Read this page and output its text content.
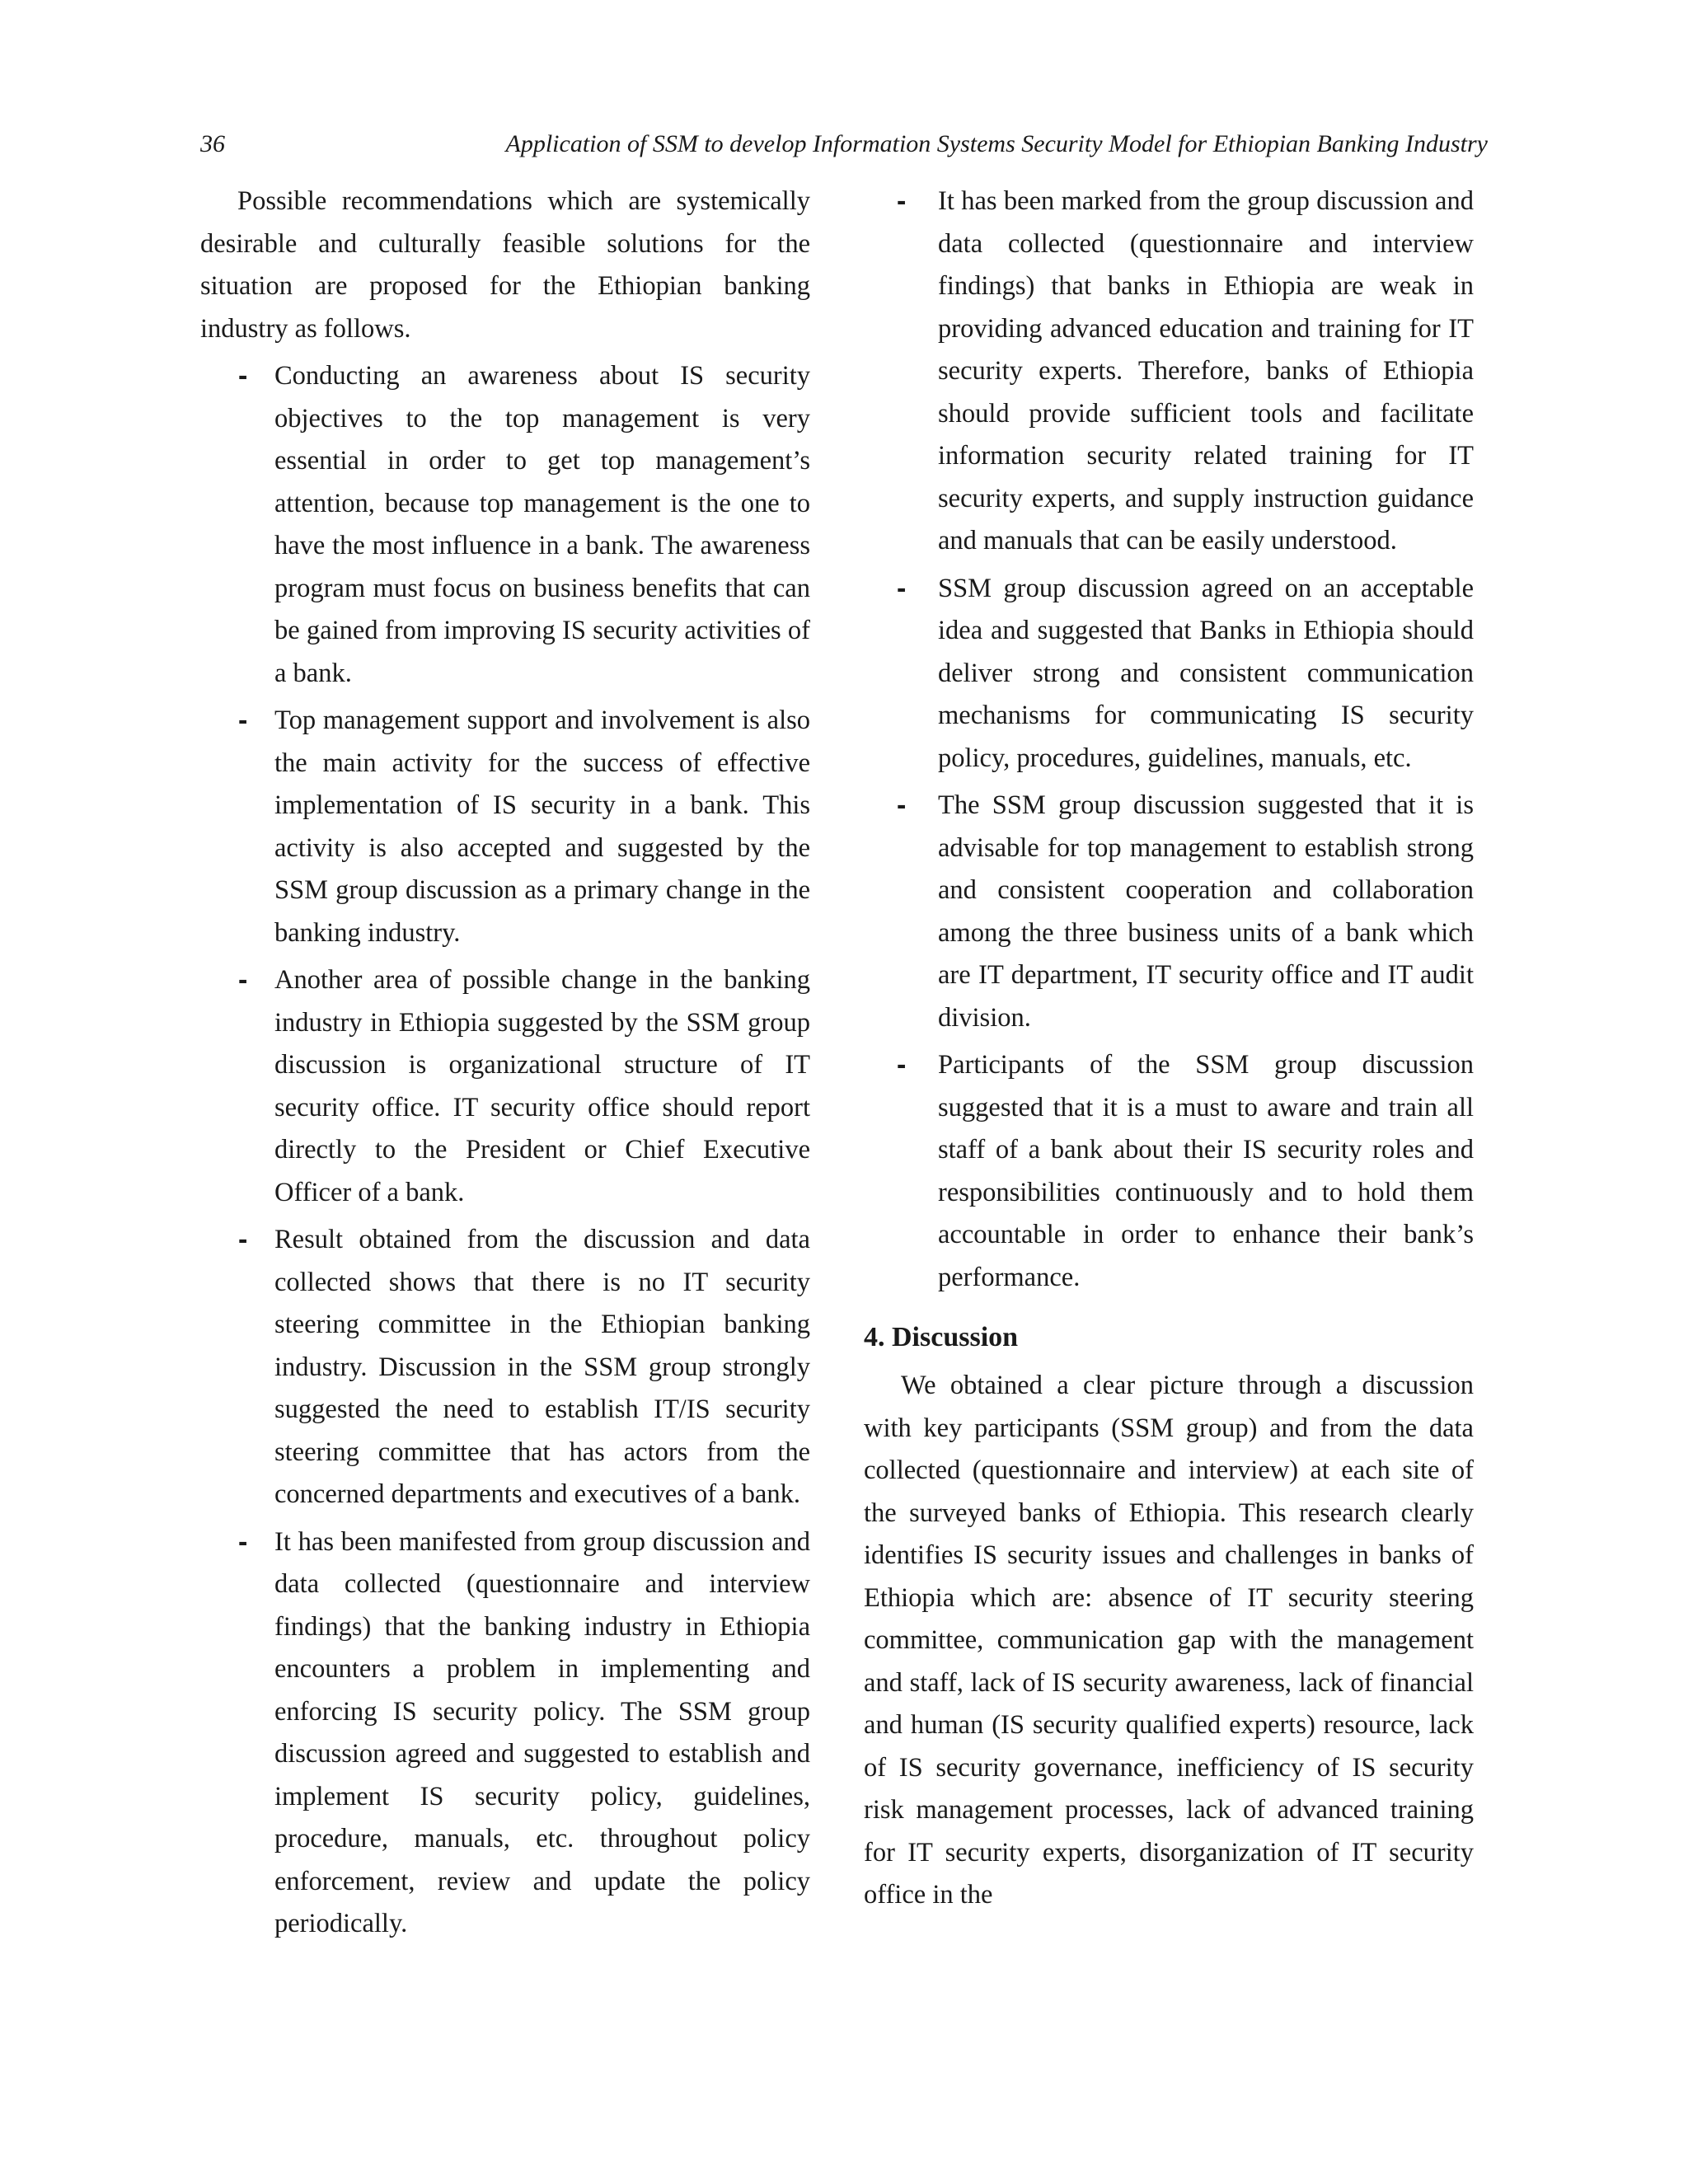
36	Application of SSM to develop Information Systems Security Model for Ethiopian Banking Industry

Possible recommendations which are systemically desirable and culturally feasible solutions for the situation are proposed for the Ethiopian banking industry as follows.

- Conducting an awareness about IS security objectives to the top management is very essential in order to get top management’s attention, because top management is the one to have the most influence in a bank. The awareness program must focus on business benefits that can be gained from improving IS security activities of a bank.
- Top management support and involvement is also the main activity for the success of effective implementation of IS security in a bank. This activity is also accepted and suggested by the SSM group discussion as a primary change in the banking industry.
- Another area of possible change in the banking industry in Ethiopia suggested by the SSM group discussion is organizational structure of IT security office. IT security office should report directly to the President or Chief Executive Officer of a bank.
- Result obtained from the discussion and data collected shows that there is no IT security steering committee in the Ethiopian banking industry. Discussion in the SSM group strongly suggested the need to establish IT/IS security steering committee that has actors from the concerned departments and executives of a bank.
- It has been manifested from group discussion and data collected (questionnaire and interview findings) that the banking industry in Ethiopia encounters a problem in implementing and enforcing IS security policy. The SSM group discussion agreed and suggested to establish and implement IS security policy, guidelines, procedure, manuals, etc. throughout policy enforcement, review and update the policy periodically.
- It has been marked from the group discussion and data collected (questionnaire and interview findings) that banks in Ethiopia are weak in providing advanced education and training for IT security experts. Therefore, banks of Ethiopia should provide sufficient tools and facilitate information security related training for IT security experts, and supply instruction guidance and manuals that can be easily understood.
- SSM group discussion agreed on an acceptable idea and suggested that Banks in Ethiopia should deliver strong and consistent communication mechanisms for communicating IS security policy, procedures, guidelines, manuals, etc.
- The SSM group discussion suggested that it is advisable for top management to establish strong and consistent cooperation and collaboration among the three business units of a bank which are IT department, IT security office and IT audit division.
- Participants of the SSM group discussion suggested that it is a must to aware and train all staff of a bank about their IS security roles and responsibilities continuously and to hold them accountable in order to enhance their bank’s performance.
4. Discussion

We obtained a clear picture through a discussion with key participants (SSM group) and from the data collected (questionnaire and interview) at each site of the surveyed banks of Ethiopia. This research clearly identifies IS security issues and challenges in banks of Ethiopia which are: absence of IT security steering committee, communication gap with the management and staff, lack of IS security awareness, lack of financial and human (IS security qualified experts) resource, lack of IS security governance, inefficiency of IS security risk management processes, lack of advanced training for IT security experts, disorganization of IT security office in the
